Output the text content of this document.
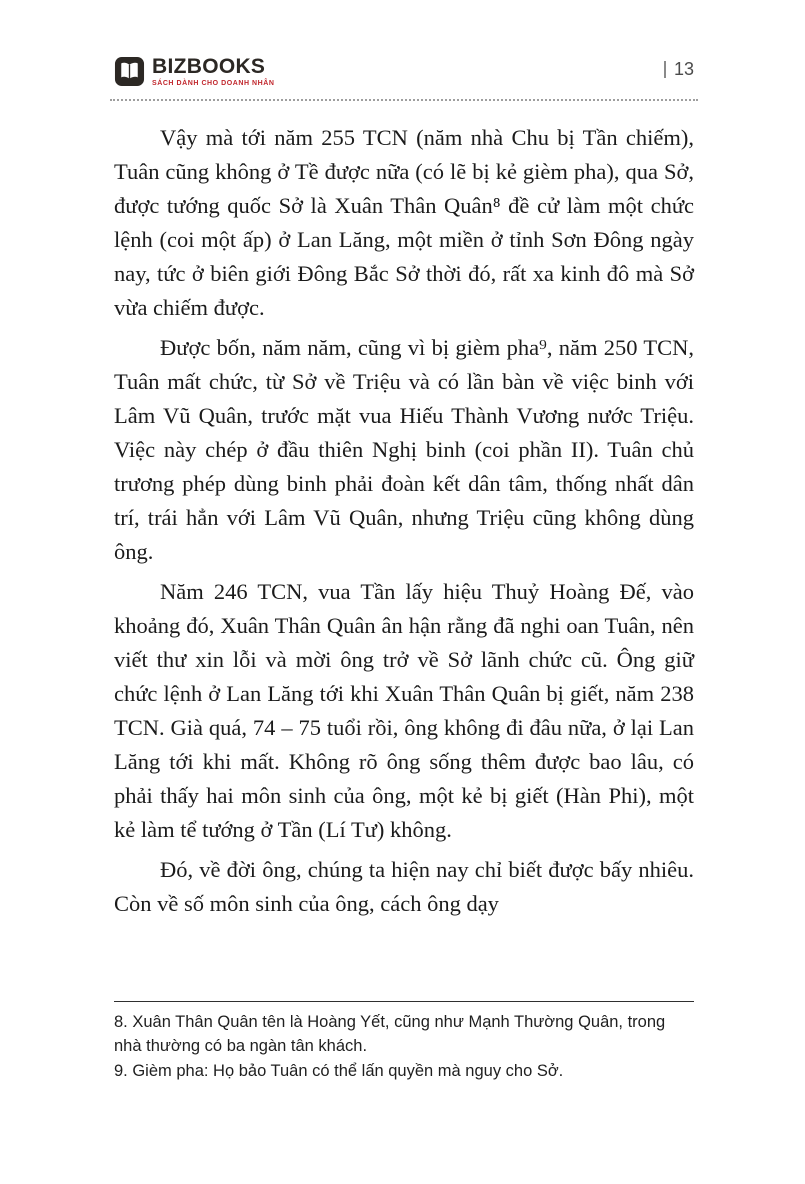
BIZBOOKS
SÁCH DÀNH CHO DOANH NHÂN
13

Vậy mà tới năm 255 TCN (năm nhà Chu bị Tần chiếm), Tuân cũng không ở Tề được nữa (có lẽ bị kẻ gièm pha), qua Sở, được tướng quốc Sở là Xuân Thân Quân⁸ đề cử làm một chức lệnh (coi một ấp) ở Lan Lăng, một miền ở tỉnh Sơn Đông ngày nay, tức ở biên giới Đông Bắc Sở thời đó, rất xa kinh đô mà Sở vừa chiếm được.

Được bốn, năm năm, cũng vì bị gièm pha⁹, năm 250 TCN, Tuân mất chức, từ Sở về Triệu và có lần bàn về việc binh với Lâm Vũ Quân, trước mặt vua Hiếu Thành Vương nước Triệu. Việc này chép ở đầu thiên Nghị binh (coi phần II). Tuân chủ trương phép dùng binh phải đoàn kết dân tâm, thống nhất dân trí, trái hẳn với Lâm Vũ Quân, nhưng Triệu cũng không dùng ông.

Năm 246 TCN, vua Tần lấy hiệu Thuỷ Hoàng Đế, vào khoảng đó, Xuân Thân Quân ân hận rằng đã nghi oan Tuân, nên viết thư xin lỗi và mời ông trở về Sở lãnh chức cũ. Ông giữ chức lệnh ở Lan Lăng tới khi Xuân Thân Quân bị giết, năm 238 TCN. Già quá, 74 – 75 tuổi rồi, ông không đi đâu nữa, ở lại Lan Lăng tới khi mất. Không rõ ông sống thêm được bao lâu, có phải thấy hai môn sinh của ông, một kẻ bị giết (Hàn Phi), một kẻ làm tể tướng ở Tần (Lí Tư) không.

Đó, về đời ông, chúng ta hiện nay chỉ biết được bấy nhiêu. Còn về số môn sinh của ông, cách ông dạy

8. Xuân Thân Quân tên là Hoàng Yết, cũng như Mạnh Thường Quân, trong nhà thường có ba ngàn tân khách.

9. Gièm pha: Họ bảo Tuân có thể lấn quyền mà nguy cho Sở.
